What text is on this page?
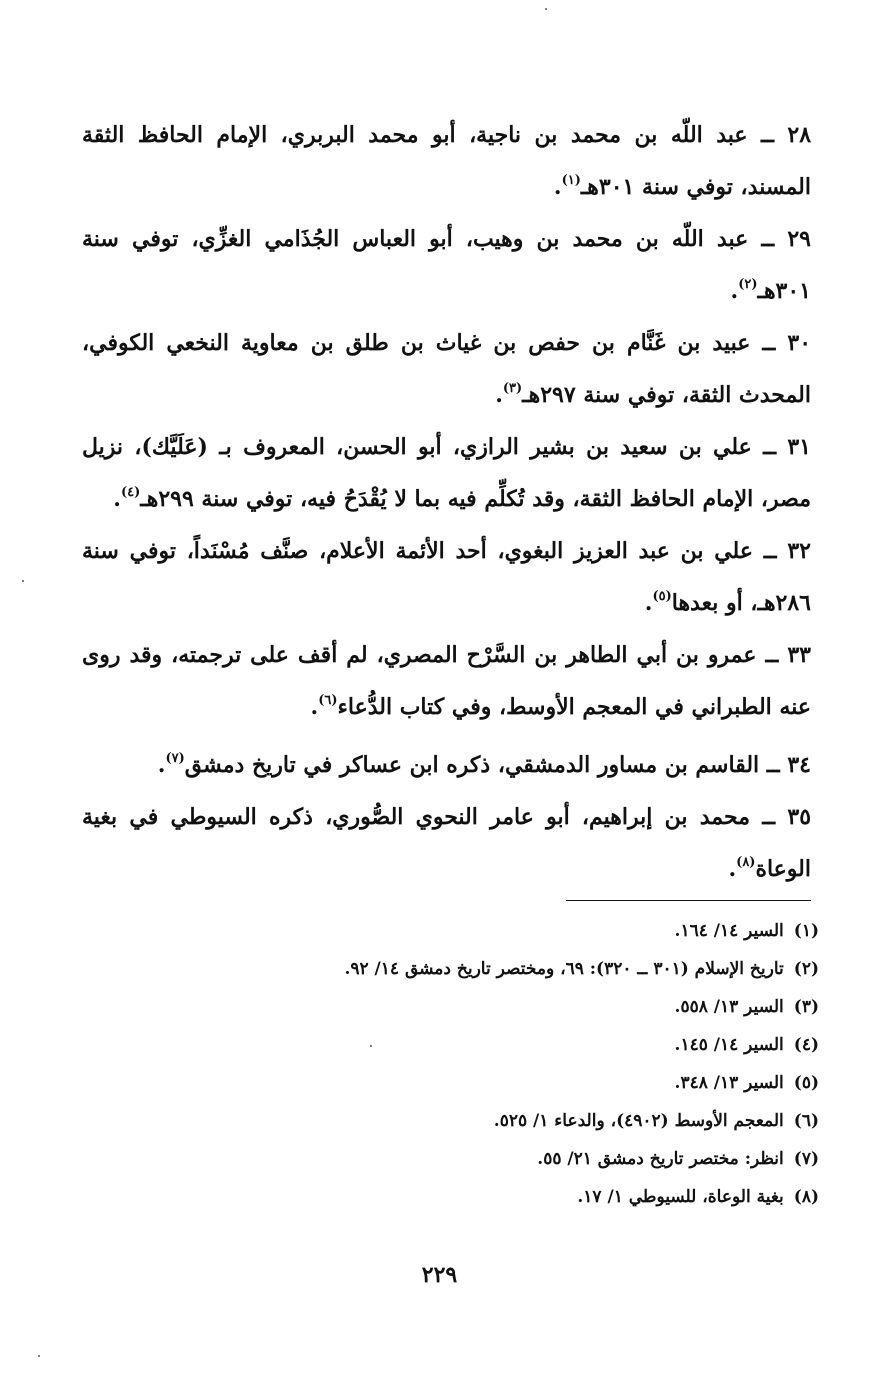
٢٨ ــ عبد اللّه بن محمد بن ناجية، أبو محمد البربري، الإمام الحافظ الثقة المسند، توفي سنة ٣٠١هـ$^{(١)}$.

٢٩ ــ عبد اللّه بن محمد بن وهيب، أبو العباس الجُذَامي الغزِّي، توفي سنة ٣٠١هـ$^{(٢)}$.

٣٠ ــ عبيد بن غَنَّام بن حفص بن غياث بن طلق بن معاوية النخعي الكوفي، المحدث الثقة، توفي سنة ٢٩٧هـ$^{(٣)}$.

٣١ ــ علي بن سعيد بن بشير الرازي، أبو الحسن، المعروف بـ (عَلَيَّك)، نزيل مصر، الإمام الحافظ الثقة، وقد تُكلِّم فيه بما لا يُقْدَحُ فيه، توفي سنة ٢٩٩هـ$^{(٤)}$.

٣٢ ــ علي بن عبد العزيز البغوي، أحد الأئمة الأعلام، صنَّف مُسْنَداً، توفي سنة ٢٨٦هـ، أو بعدها$^{(٥)}$.

٣٣ ــ عمرو بن أبي الطاهر بن السَّرْح المصري، لم أقف على ترجمته، وقد روى عنه الطبراني في المعجم الأوسط، وفي كتاب الدُّعاء$^{(٦)}$.

٣٤ ــ القاسم بن مساور الدمشقي، ذكره ابن عساكر في تاريخ دمشق$^{(٧)}$.

٣٥ ــ محمد بن إبراهيم، أبو عامر النحوي الصُّوري، ذكره السيوطي في بغية الوعاة$^{(٨)}$.

(١)السير ١٤/ ١٦٤.
(٢)تاريخ الإسلام (٣٠١ ــ ٣٢٠): ٦٩، ومختصر تاريخ دمشق ١٤/ ٩٢.
(٣)السير ١٣/ ٥٥٨.
(٤)السير ١٤/ ١٤٥.
(٥)السير ١٣/ ٣٤٨.
(٦)المعجم الأوسط (٤٩٠٢)، والدعاء ١/ ٥٢٥.
(٧)انظر: مختصر تاريخ دمشق ٢١/ ٥٥.
(٨)بغية الوعاة، للسيوطي ١/ ١٧.
٢٢٩
